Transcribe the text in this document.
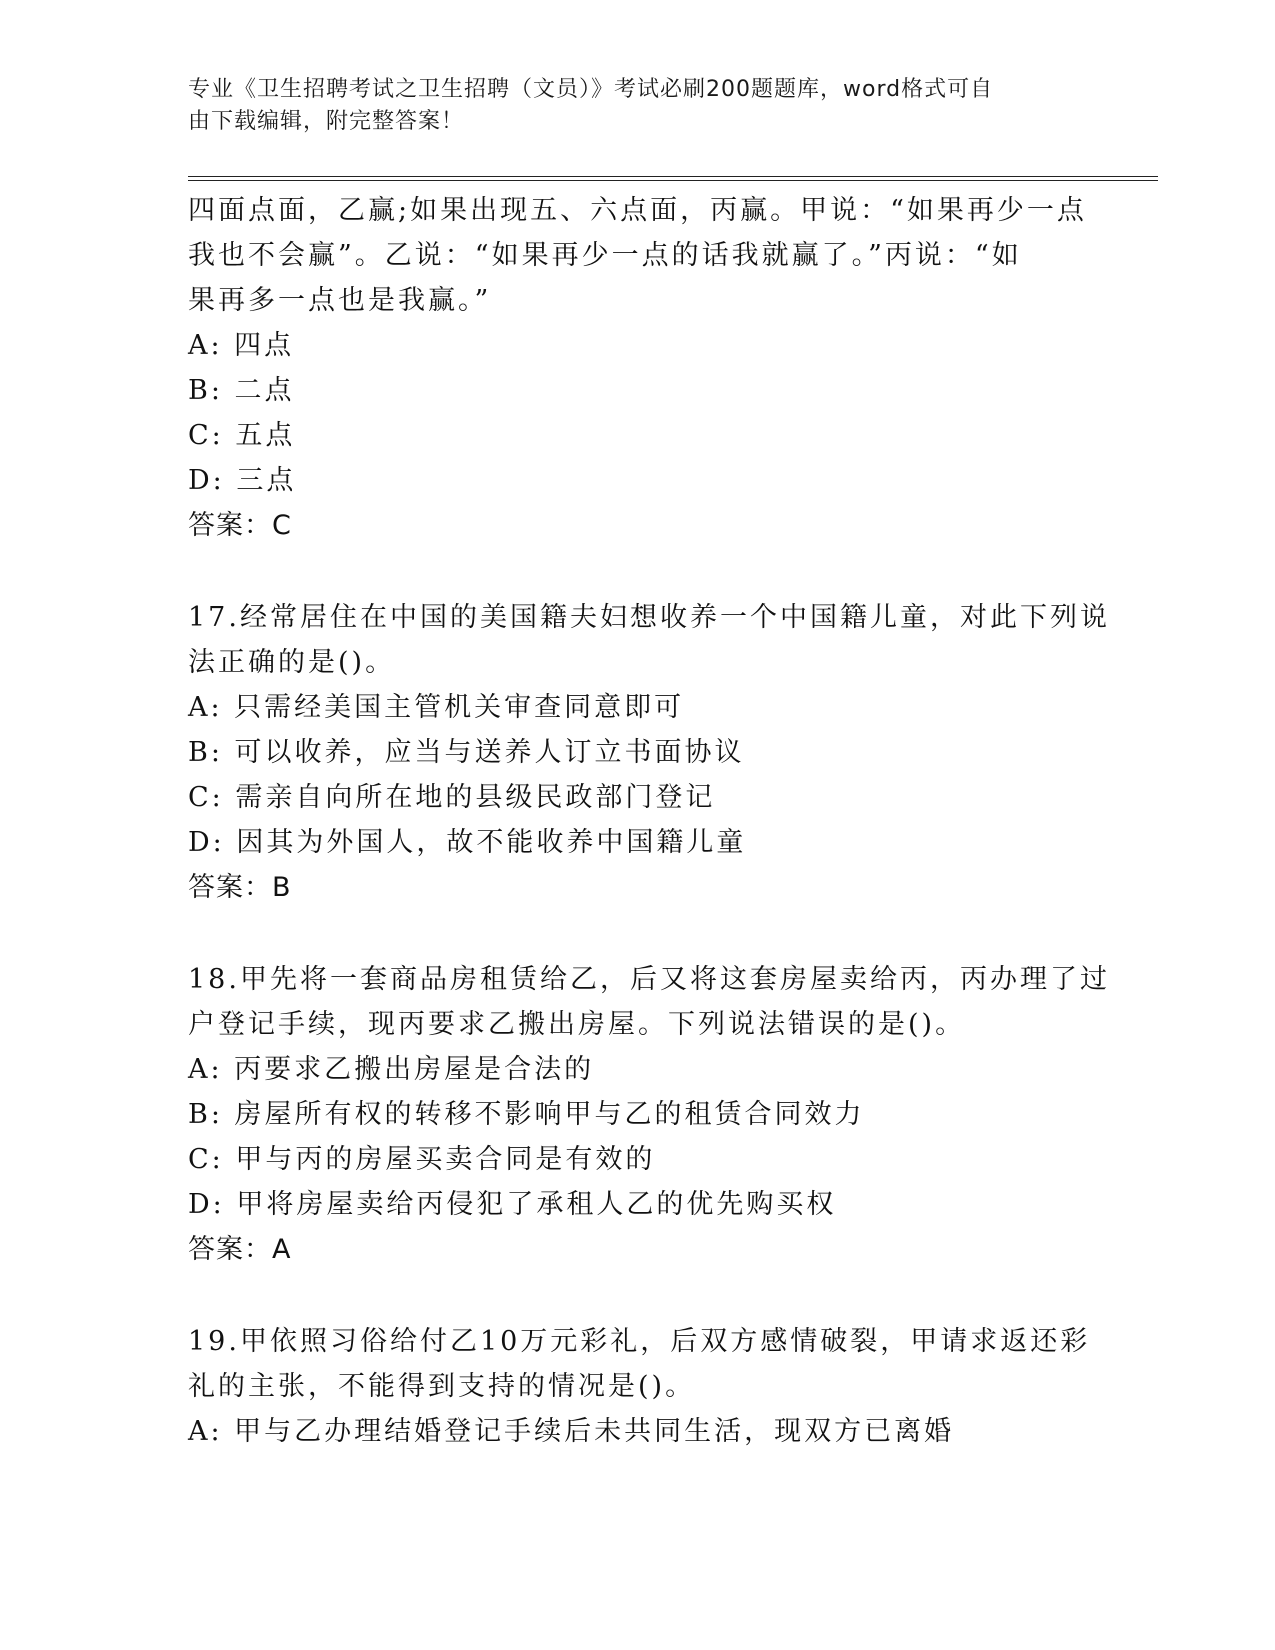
专业《卫生招聘考试之卫生招聘（文员）》考试必刷200题题库，word格式可自
由下载编辑，附完整答案！
四面点面，乙赢;如果出现五、六点面，丙赢。甲说：“如果再少一点
我也不会赢”。乙说：“如果再少一点的话我就赢了。”丙说：“如
果再多一点也是我赢。”
A: 四点
B: 二点
C: 五点
D: 三点
答案：C
17.经常居住在中国的美国籍夫妇想收养一个中国籍儿童，对此下列说
法正确的是()。
A: 只需经美国主管机关审查同意即可
B: 可以收养，应当与送养人订立书面协议
C: 需亲自向所在地的县级民政部门登记
D: 因其为外国人，故不能收养中国籍儿童
答案：B
18.甲先将一套商品房租赁给乙，后又将这套房屋卖给丙，丙办理了过
户登记手续，现丙要求乙搬出房屋。下列说法错误的是()。
A: 丙要求乙搬出房屋是合法的
B: 房屋所有权的转移不影响甲与乙的租赁合同效力
C: 甲与丙的房屋买卖合同是有效的
D: 甲将房屋卖给丙侵犯了承租人乙的优先购买权
答案：A
19.甲依照习俗给付乙10万元彩礼，后双方感情破裂，甲请求返还彩
礼的主张，不能得到支持的情况是()。
A: 甲与乙办理结婚登记手续后未共同生活，现双方已离婚
